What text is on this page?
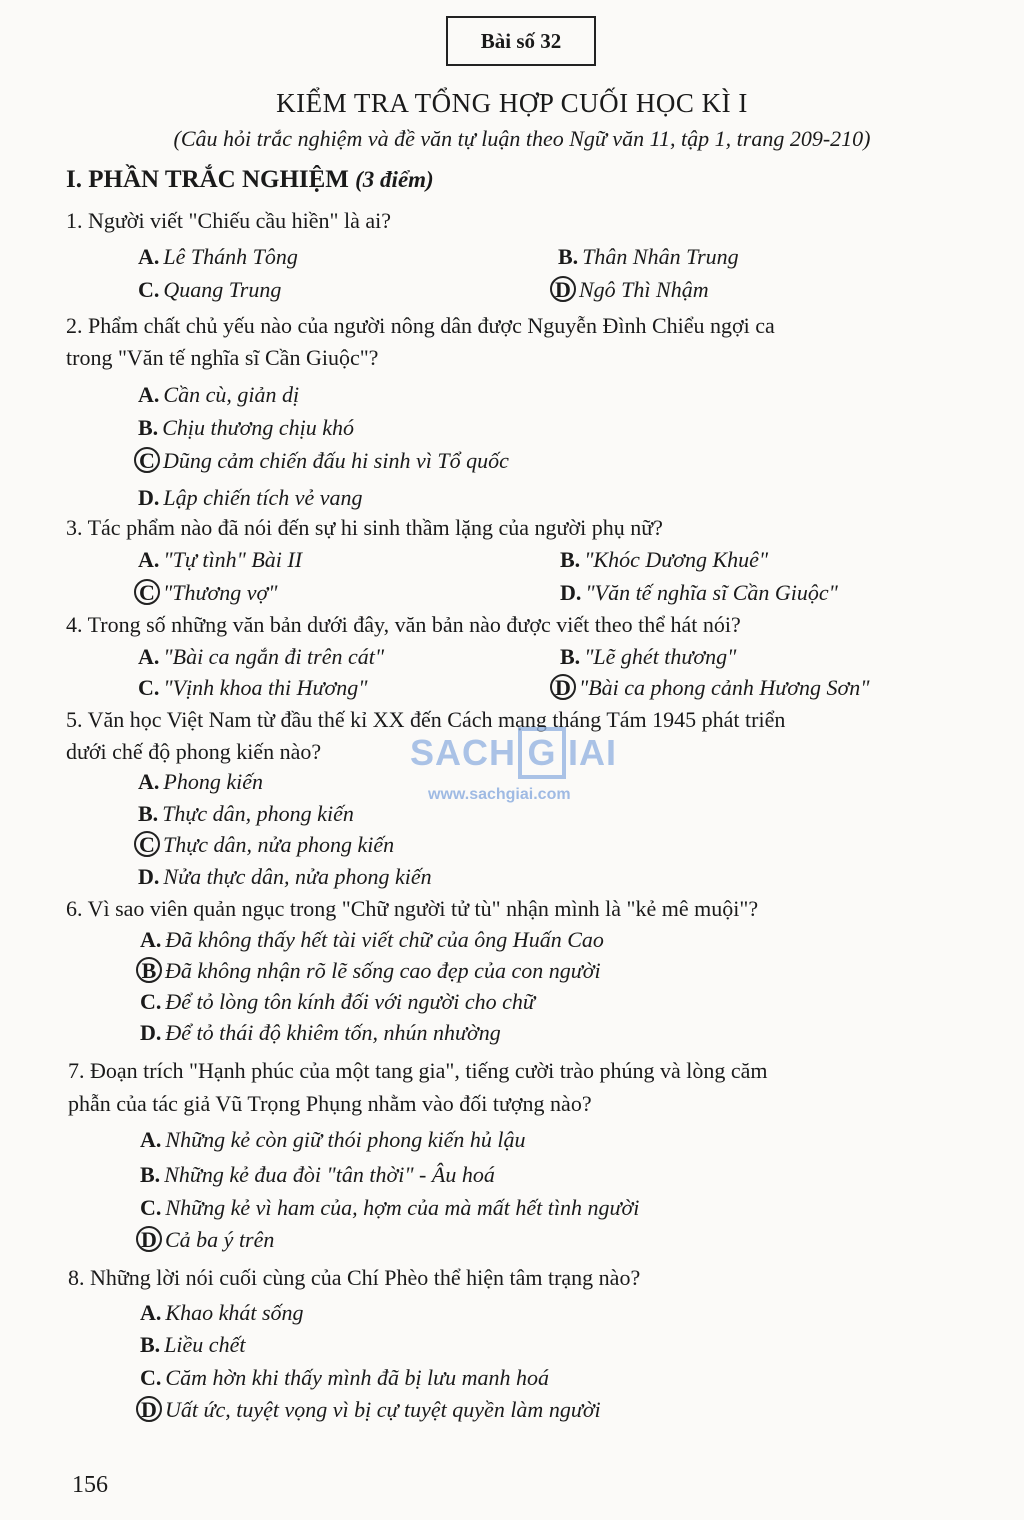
Bài số 32
KIỂM TRA TỔNG HỢP CUỐI HỌC KÌ I
(Câu hỏi trắc nghiệm và đề văn tự luận theo Ngữ văn 11, tập 1, trang 209-210)
I. PHẦN TRẮC NGHIỆM (3 điểm)
1. Người viết "Chiếu cầu hiền" là ai?
A. Lê Thánh Tông	B. Thân Nhân Trung
C. Quang Trung	D Ngô Thì Nhậm
2. Phẩm chất chủ yếu nào của người nông dân được Nguyễn Đình Chiểu ngợi ca
trong "Văn tế nghĩa sĩ Cần Giuộc"?
A. Cần cù, giản dị
B. Chịu thương chịu khó
C Dũng cảm chiến đấu hi sinh vì Tổ quốc
D. Lập chiến tích vẻ vang
3. Tác phẩm nào đã nói đến sự hi sinh thầm lặng của người phụ nữ?
A. "Tự tình" Bài II	B. "Khóc Dương Khuê"
C "Thương vợ"	D. "Văn tế nghĩa sĩ Cần Giuộc"
4. Trong số những văn bản dưới đây, văn bản nào được viết theo thể hát nói?
A. "Bài ca ngắn đi trên cát"	B. "Lẽ ghét thương"
C. "Vịnh khoa thi Hương"	D "Bài ca phong cảnh Hương Sơn"
5. Văn học Việt Nam từ đầu thế kỉ XX đến Cách mạng tháng Tám 1945 phát triển
dưới chế độ phong kiến nào?
A. Phong kiến
B. Thực dân, phong kiến
C Thực dân, nửa phong kiến
D. Nửa thực dân, nửa phong kiến
6. Vì sao viên quản ngục trong "Chữ người tử tù" nhận mình là "kẻ mê muội"?
A. Đã không thấy hết tài viết chữ của ông Huấn Cao
B Đã không nhận rõ lẽ sống cao đẹp của con người
C. Để tỏ lòng tôn kính đối với người cho chữ
D. Để tỏ thái độ khiêm tốn, nhún nhường
7. Đoạn trích "Hạnh phúc của một tang gia", tiếng cười trào phúng và lòng căm
phẫn của tác giả Vũ Trọng Phụng nhằm vào đối tượng nào?
A. Những kẻ còn giữ thói phong kiến hủ lậu
B. Những kẻ đua đòi "tân thời" - Âu hoá
C. Những kẻ vì ham của, hợm của mà mất hết tình người
D Cả ba ý trên
8. Những lời nói cuối cùng của Chí Phèo thể hiện tâm trạng nào?
A. Khao khát sống
B. Liều chết
C. Căm hờn khi thấy mình đã bị lưu manh hoá
D Uất ức, tuyệt vọng vì bị cự tuyệt quyền làm người
SACH G IAI
www.sachgiai.com
156
